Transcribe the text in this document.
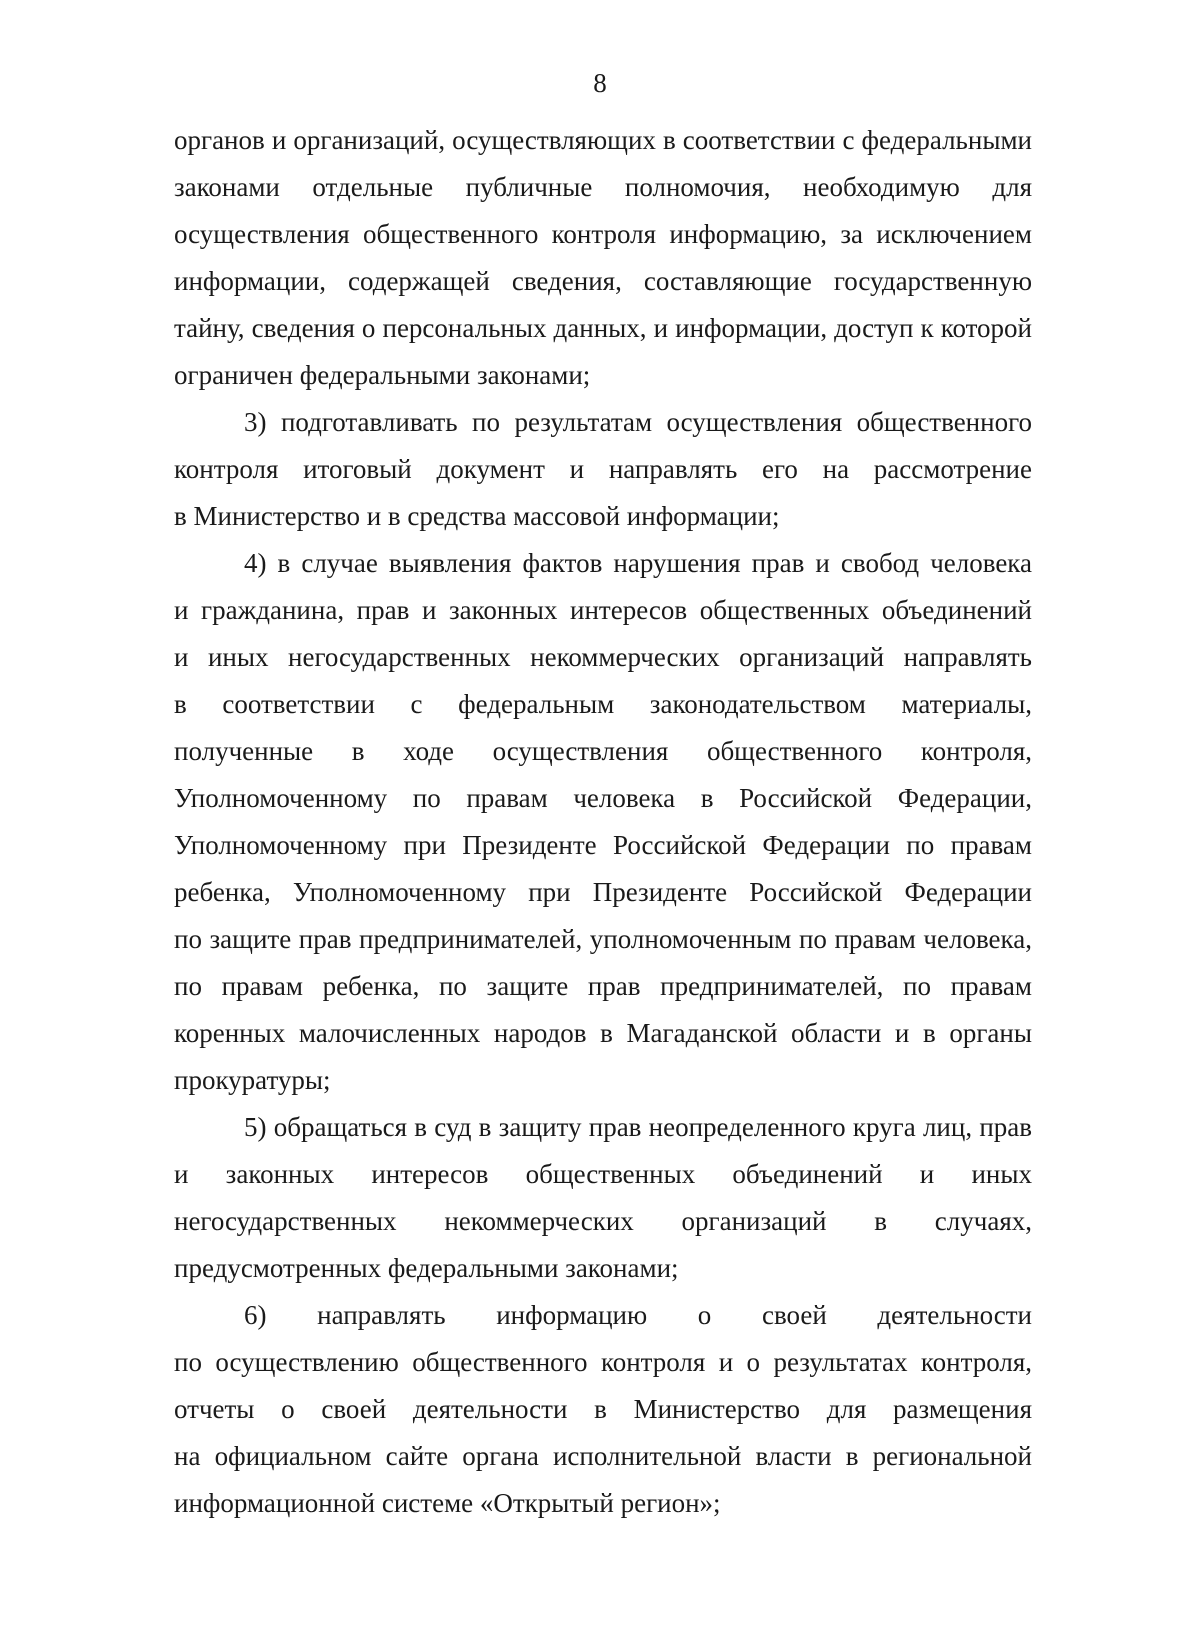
8
органов и организаций, осуществляющих в соответствии с федеральными
законами отдельные публичные полномочия, необходимую для
осуществления общественного контроля информацию, за исключением
информации, содержащей сведения, составляющие государственную
тайну, сведения о персональных данных, и информации, доступ к которой
ограничен федеральными законами;
3) подготавливать по результатам осуществления общественного
контроля итоговый документ и направлять его на рассмотрение
в Министерство и в средства массовой информации;
4) в случае выявления фактов нарушения прав и свобод человека
и гражданина, прав и законных интересов общественных объединений
и иных негосударственных некоммерческих организаций направлять
в соответствии с федеральным законодательством материалы,
полученные в ходе осуществления общественного контроля,
Уполномоченному по правам человека в Российской Федерации,
Уполномоченному при Президенте Российской Федерации по правам
ребенка, Уполномоченному при Президенте Российской Федерации
по защите прав предпринимателей, уполномоченным по правам человека,
по правам ребенка, по защите прав предпринимателей, по правам
коренных малочисленных народов в Магаданской области и в органы
прокуратуры;
5) обращаться в суд в защиту прав неопределенного круга лиц, прав
и законных интересов общественных объединений и иных
негосударственных некоммерческих организаций в случаях,
предусмотренных федеральными законами;
6) направлять информацию о своей деятельности
по осуществлению общественного контроля и о результатах контроля,
отчеты о своей деятельности в Министерство для размещения
на официальном сайте органа исполнительной власти в региональной
информационной системе «Открытый регион»;
